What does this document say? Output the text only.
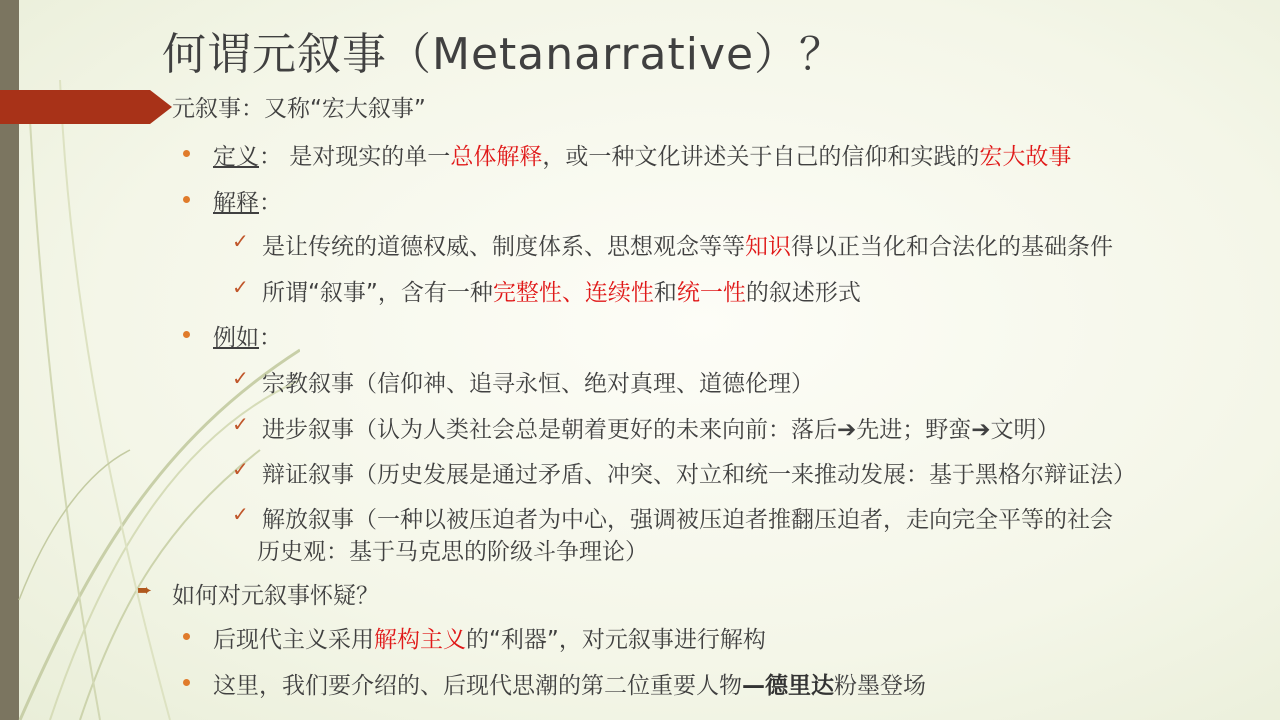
何谓元叙事（Metanarrative）？
元叙事：又称“宏大叙事”
定义： 是对现实的单一总体解释，或一种文化讲述关于自己的信仰和实践的宏大故事
解释：
✓ 是让传统的道德权威、制度体系、思想观念等等知识得以正当化和合法化的基础条件
✓ 所谓“叙事”，含有一种完整性、连续性和统一性的叙述形式
例如：
✓ 宗教叙事（信仰神、追寻永恒、绝对真理、道德伦理）
✓ 进步叙事（认为人类社会总是朝着更好的未来向前：落后➔先进；野蛮➔文明）
✓ 辩证叙事（历史发展是通过矛盾、冲突、对立和统一来推动发展：基于黑格尔辩证法）
✓ 解放叙事（一种以被压迫者为中心，强调被压迫者推翻压迫者，走向完全平等的社会
历史观：基于马克思的阶级斗争理论）
➨ 如何对元叙事怀疑？
后现代主义采用解构主义的“利器”，对元叙事进行解构
这里，我们要介绍的、后现代思潮的第二位重要人物—德里达粉墨登场
